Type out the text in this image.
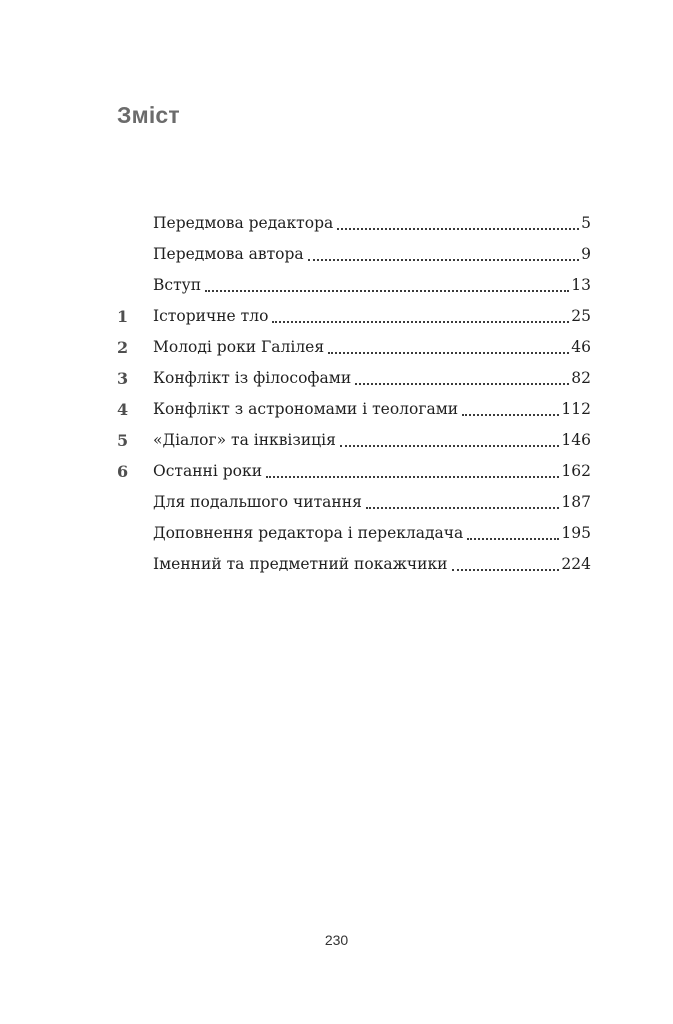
Зміст
Передмова редактора	5
Передмова автора	9
Вступ	13
1	Історичне тло	25
2	Молоді роки Галілея	46
3	Конфлікт із філософами	82
4	Конфлікт з астрономами і теологами	112
5	«Діалог» та інквізиція	146
6	Останні роки	162
Для подальшого читання	187
Доповнення редактора і перекладача	195
Іменний та предметний покажчики	224
230
